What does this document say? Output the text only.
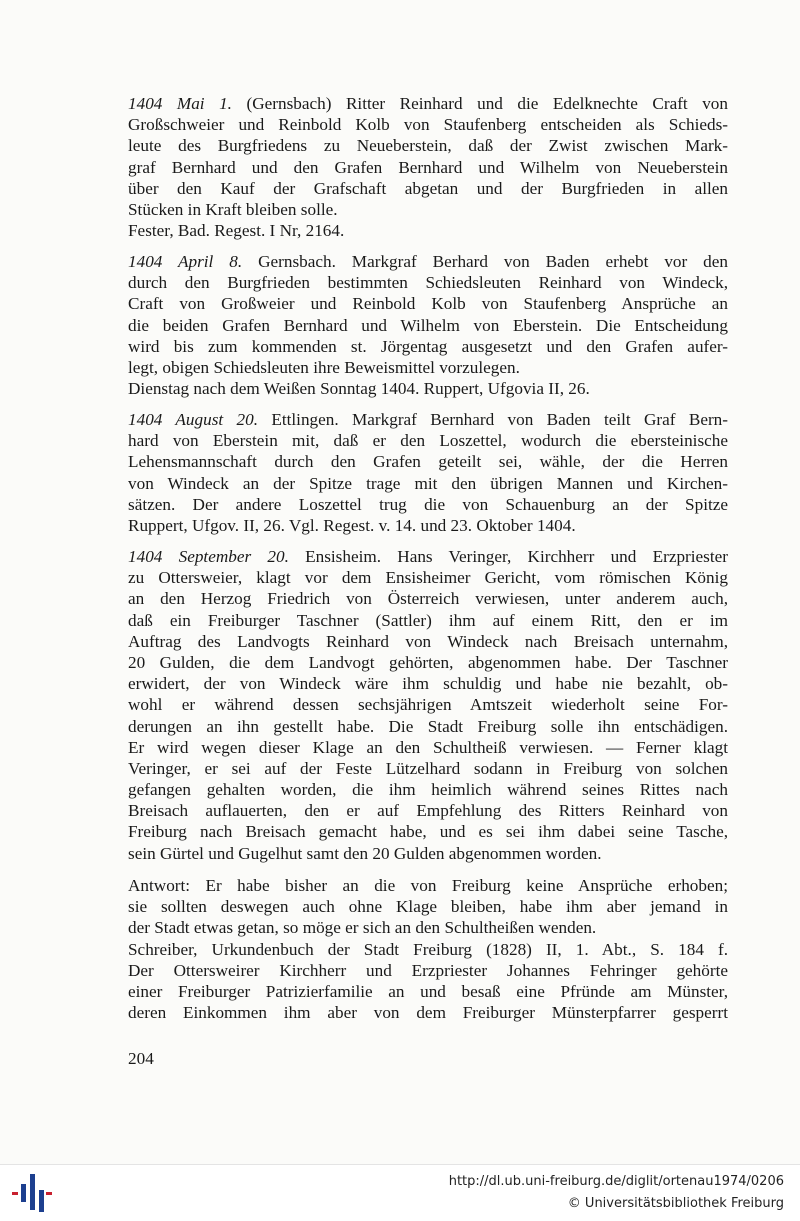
1404 Mai 1. (Gernsbach) Ritter Reinhard und die Edelknechte Craft von
Großschweier und Reinbold Kolb von Staufenberg entscheiden als Schieds-
leute des Burgfriedens zu Neueberstein, daß der Zwist zwischen Mark-
graf Bernhard und den Grafen Bernhard und Wilhelm von Neueberstein
über den Kauf der Grafschaft abgetan und der Burgfrieden in allen
Stücken in Kraft bleiben solle.
Fester, Bad. Regest. I Nr, 2164.
1404 April 8. Gernsbach. Markgraf Berhard von Baden erhebt vor den
durch den Burgfrieden bestimmten Schiedsleuten Reinhard von Windeck,
Craft von Großweier und Reinbold Kolb von Staufenberg Ansprüche an
die beiden Grafen Bernhard und Wilhelm von Eberstein. Die Entscheidung
wird bis zum kommenden st. Jörgentag ausgesetzt und den Grafen aufer-
legt, obigen Schiedsleuten ihre Beweismittel vorzulegen.
Dienstag nach dem Weißen Sonntag 1404. Ruppert, Ufgovia II, 26.
1404 August 20. Ettlingen. Markgraf Bernhard von Baden teilt Graf Bern-
hard von Eberstein mit, daß er den Loszettel, wodurch die ebersteinische
Lehensmannschaft durch den Grafen geteilt sei, wähle, der die Herren
von Windeck an der Spitze trage mit den übrigen Mannen und Kirchen-
sätzen. Der andere Loszettel trug die von Schauenburg an der Spitze
Ruppert, Ufgov. II, 26. Vgl. Regest. v. 14. und 23. Oktober 1404.
1404 September 20. Ensisheim. Hans Veringer, Kirchherr und Erzpriester
zu Ottersweier, klagt vor dem Ensisheimer Gericht, vom römischen König
an den Herzog Friedrich von Österreich verwiesen, unter anderem auch,
daß ein Freiburger Taschner (Sattler) ihm auf einem Ritt, den er im
Auftrag des Landvogts Reinhard von Windeck nach Breisach unternahm,
20 Gulden, die dem Landvogt gehörten, abgenommen habe. Der Taschner
erwidert, der von Windeck wäre ihm schuldig und habe nie bezahlt, ob-
wohl er während dessen sechsjährigen Amtszeit wiederholt seine For-
derungen an ihn gestellt habe. Die Stadt Freiburg solle ihn entschädigen.
Er wird wegen dieser Klage an den Schultheiß verwiesen. — Ferner klagt
Veringer, er sei auf der Feste Lützelhard sodann in Freiburg von solchen
gefangen gehalten worden, die ihm heimlich während seines Rittes nach
Breisach auflauerten, den er auf Empfehlung des Ritters Reinhard von
Freiburg nach Breisach gemacht habe, und es sei ihm dabei seine Tasche,
sein Gürtel und Gugelhut samt den 20 Gulden abgenommen worden.
Antwort: Er habe bisher an die von Freiburg keine Ansprüche erhoben;
sie sollten deswegen auch ohne Klage bleiben, habe ihm aber jemand in
der Stadt etwas getan, so möge er sich an den Schultheißen wenden.
Schreiber, Urkundenbuch der Stadt Freiburg (1828) II, 1. Abt., S. 184 f.
Der Ottersweirer Kirchherr und Erzpriester Johannes Fehringer gehörte
einer Freiburger Patrizierfamilie an und besaß eine Pfründe am Münster,
deren Einkommen ihm aber von dem Freiburger Münsterpfarrer gesperrt
204
http://dl.ub.uni-freiburg.de/diglit/ortenau1974/0206
© Universitätsbibliothek Freiburg
